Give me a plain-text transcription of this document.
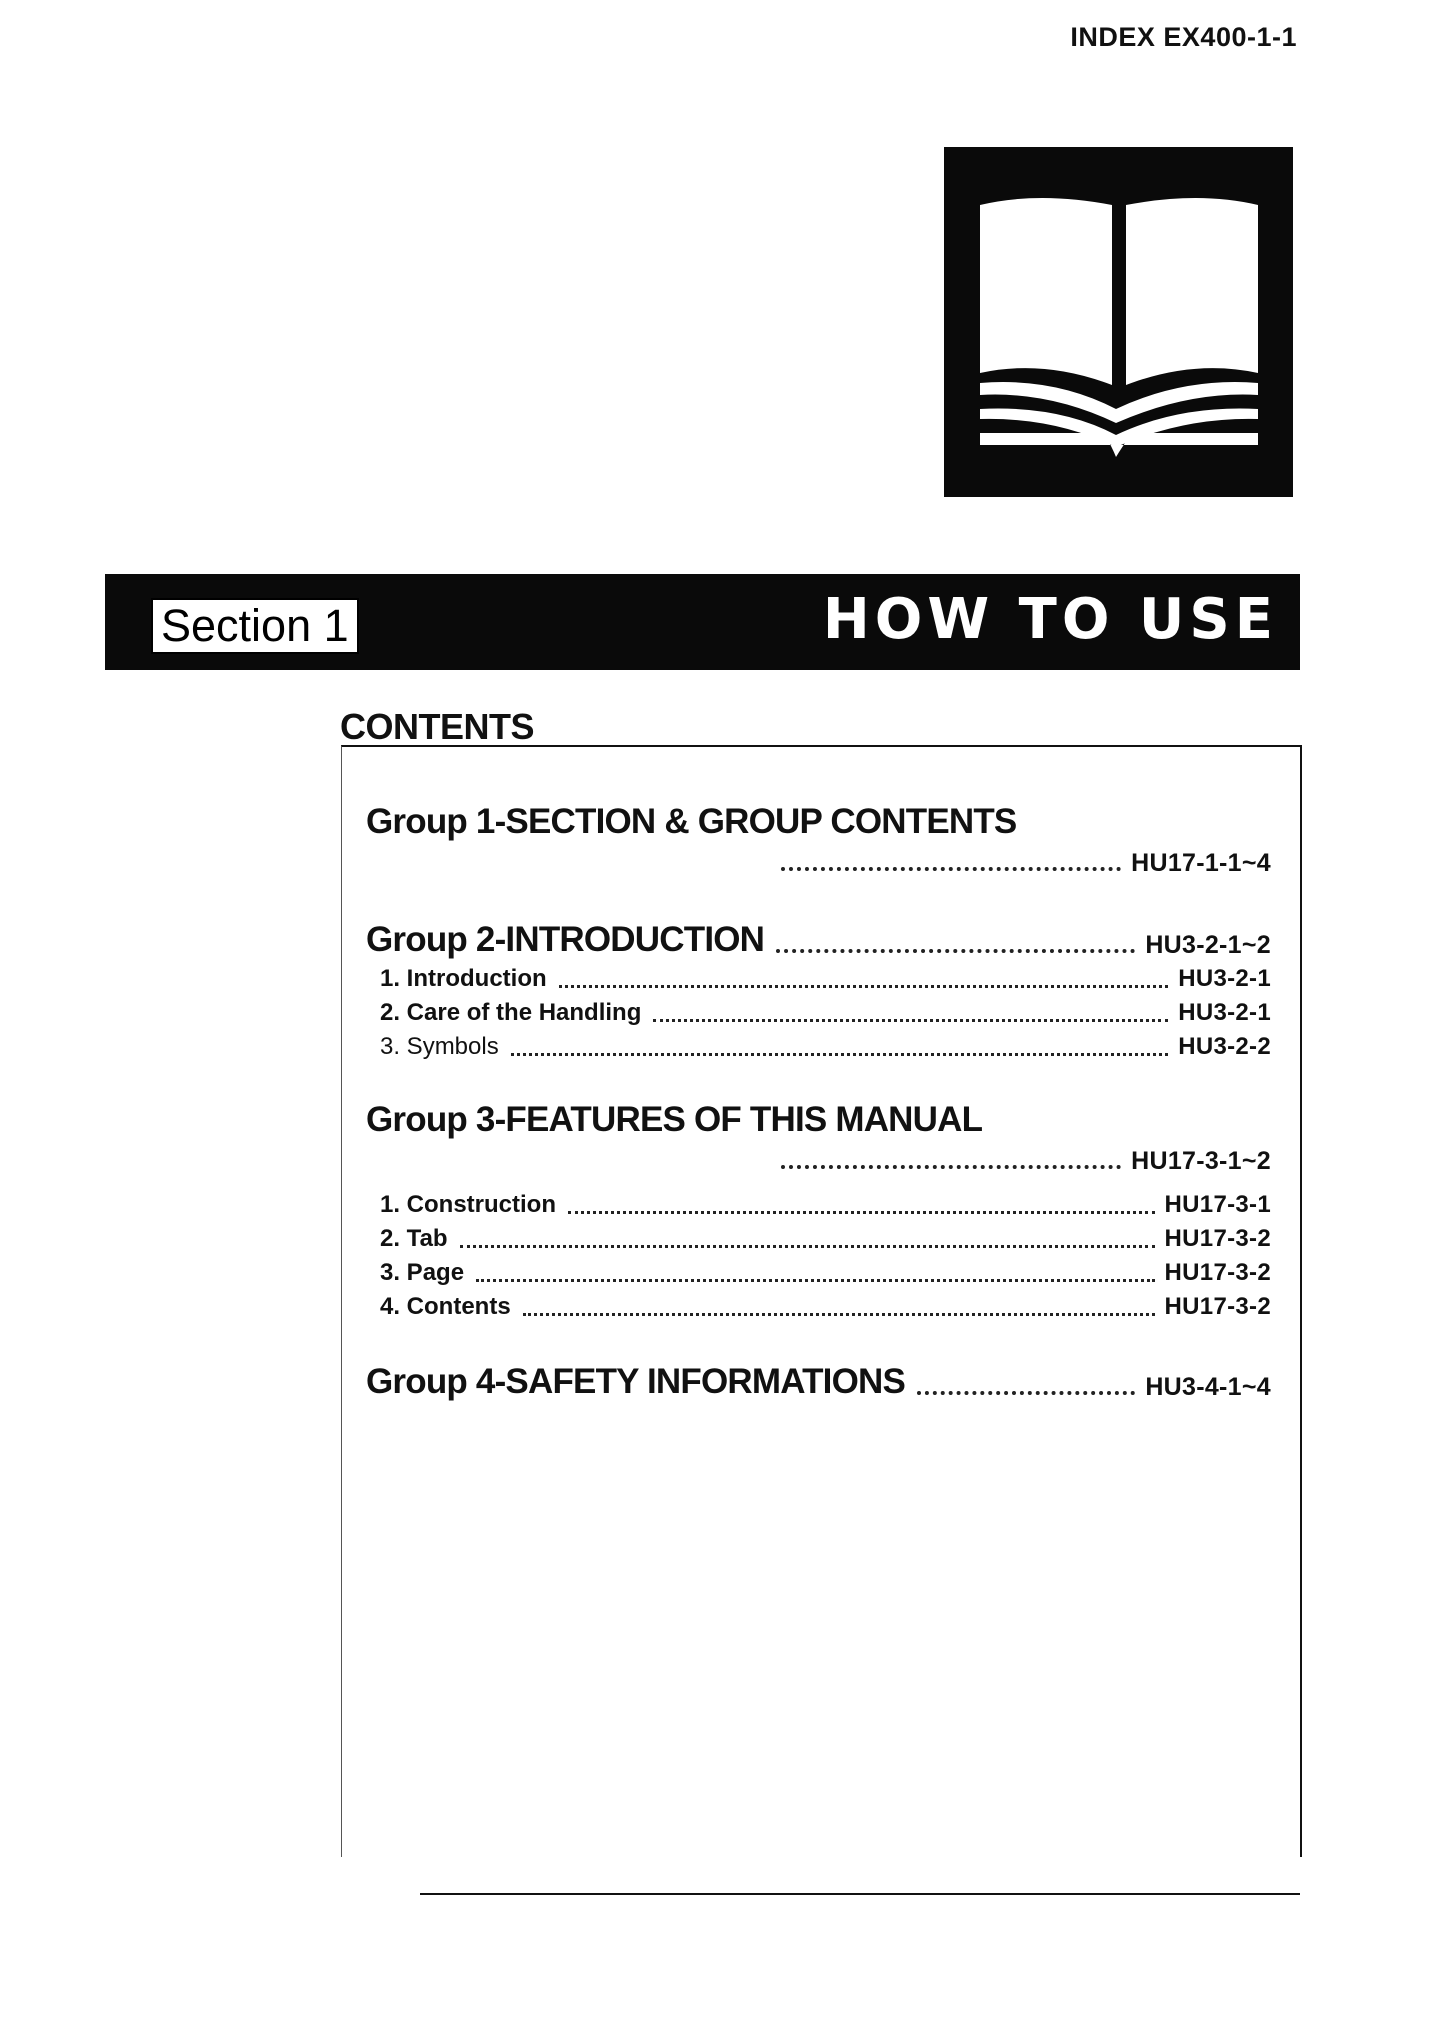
INDEX EX400-1-1
Section 1	HOW TO USE
CONTENTS
Group 1-SECTION & GROUP CONTENTS
HU17-1-1~4
Group 2-INTRODUCTION	HU3-2-1~2
1. Introduction	HU3-2-1
2. Care of the Handling	HU3-2-1
3. Symbols	HU3-2-2
Group 3-FEATURES OF THIS MANUAL
HU17-3-1~2
1. Construction	HU17-3-1
2. Tab	HU17-3-2
3. Page	HU17-3-2
4. Contents	HU17-3-2
Group 4-SAFETY INFORMATIONS	HU3-4-1~4
